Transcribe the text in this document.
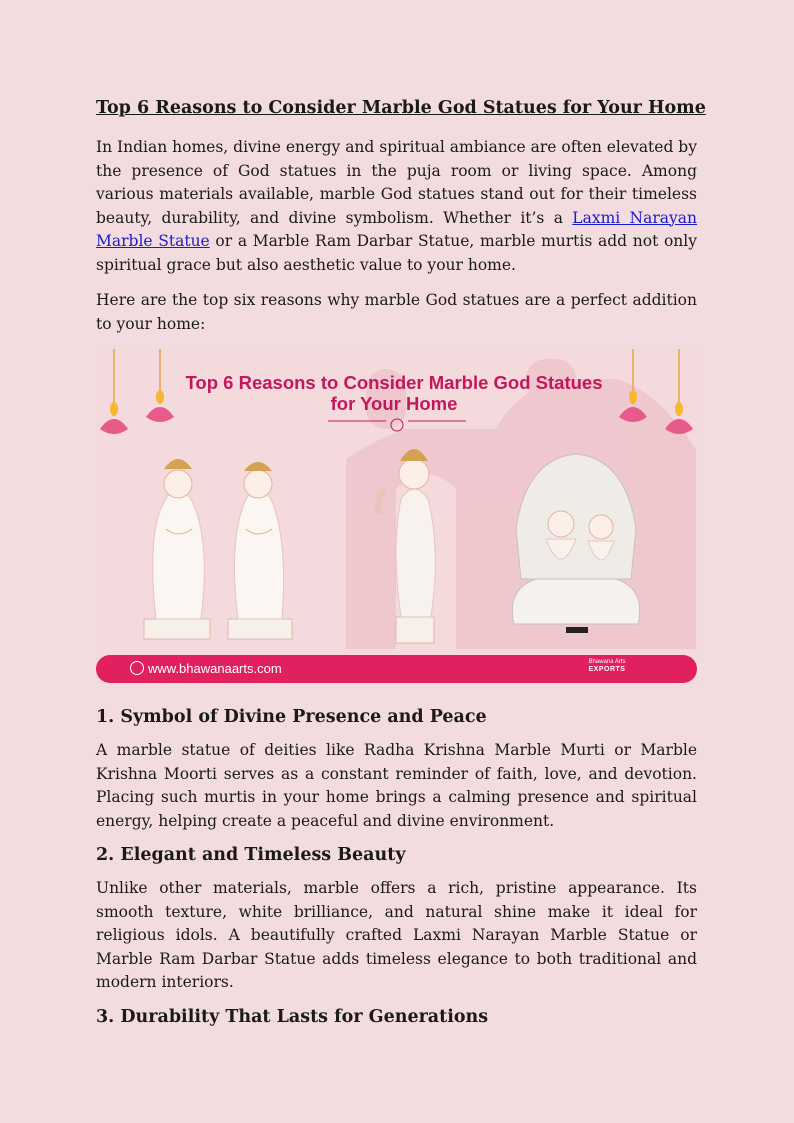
Top 6 Reasons to Consider Marble God Statues for Your Home

In Indian homes, divine energy and spiritual ambiance are often elevated by the presence of God statues in the puja room or living space. Among various materials available, marble God statues stand out for their timeless beauty, durability, and divine symbolism. Whether it’s a Laxmi Narayan Marble Statue or a Marble Ram Darbar Statue, marble murtis add not only spiritual grace but also aesthetic value to your home.

Here are the top six reasons why marble God statues are a perfect addition to your home:

Top 6 Reasons to Consider Marble God Statues for Your Home
www.bhawanaarts.com	Bhawana Arts
EXPORTS
1. Symbol of Divine Presence and Peace

A marble statue of deities like Radha Krishna Marble Murti or Marble Krishna Moorti serves as a constant reminder of faith, love, and devotion. Placing such murtis in your home brings a calming presence and spiritual energy, helping create a peaceful and divine environment.

2. Elegant and Timeless Beauty

Unlike other materials, marble offers a rich, pristine appearance. Its smooth texture, white brilliance, and natural shine make it ideal for religious idols. A beautifully crafted Laxmi Narayan Marble Statue or Marble Ram Darbar Statue adds timeless elegance to both traditional and modern interiors.

3. Durability That Lasts for Generations
